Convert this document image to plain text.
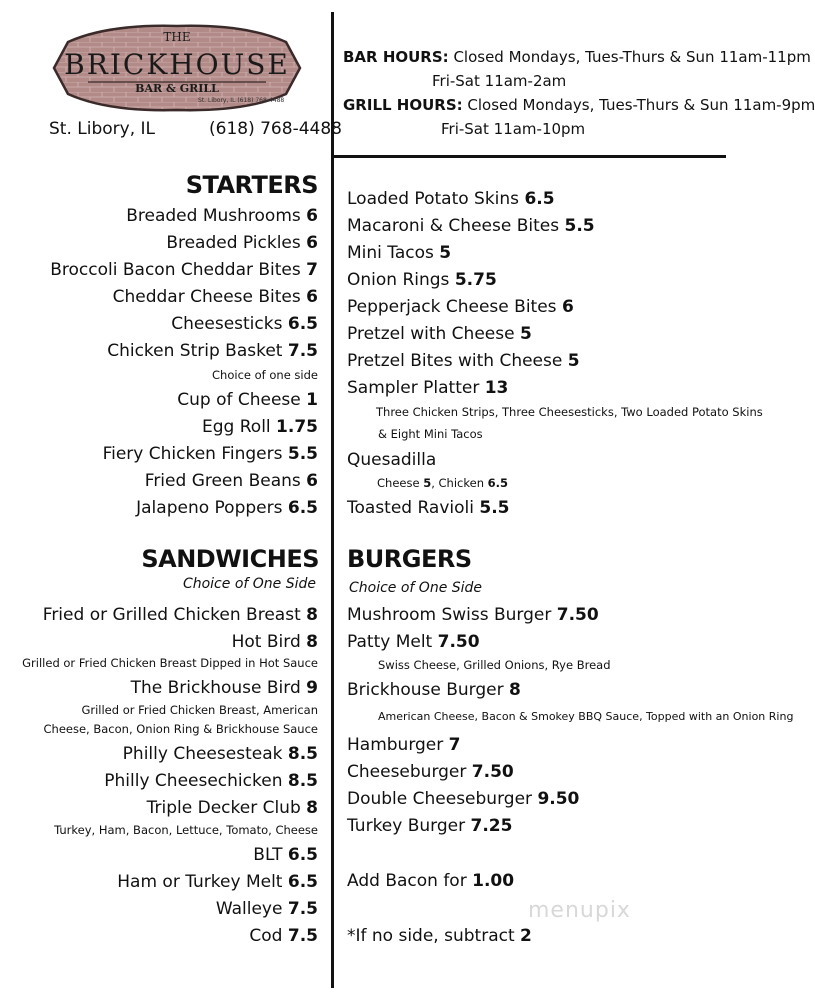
THE
BRICKHOUSE
BAR & GRILL
St. Libory, IL (618) 768-4488
St. Libory, IL	(618) 768-4488
BAR HOURS: Closed Mondays, Tues-Thurs & Sun 11am-11pm
Fri-Sat 11am-2am
GRILL HOURS: Closed Mondays, Tues-Thurs & Sun 11am-9pm
Fri-Sat 11am-10pm
STARTERS
Breaded Mushrooms 6
Breaded Pickles 6
Broccoli Bacon Cheddar Bites 7
Cheddar Cheese Bites 6
Cheesesticks 6.5
Chicken Strip Basket 7.5
Choice of one side
Cup of Cheese 1
Egg Roll 1.75
Fiery Chicken Fingers 5.5
Fried Green Beans 6
Jalapeno Poppers 6.5
Loaded Potato Skins 6.5
Macaroni & Cheese Bites 5.5
Mini Tacos 5
Onion Rings 5.75
Pepperjack Cheese Bites 6
Pretzel with Cheese 5
Pretzel Bites with Cheese 5
Sampler Platter 13
Three Chicken Strips, Three Cheesesticks, Two Loaded Potato Skins
& Eight Mini Tacos
Quesadilla
Cheese 5, Chicken 6.5
Toasted Ravioli 5.5
SANDWICHES
Choice of One Side
Fried or Grilled Chicken Breast 8
Hot Bird 8
Grilled or Fried Chicken Breast Dipped in Hot Sauce
The Brickhouse Bird 9
Grilled or Fried Chicken Breast, American
Cheese, Bacon, Onion Ring & Brickhouse Sauce
Philly Cheesesteak 8.5
Philly Cheesechicken 8.5
Triple Decker Club 8
Turkey, Ham, Bacon, Lettuce, Tomato, Cheese
BLT 6.5
Ham or Turkey Melt 6.5
Walleye 7.5
Cod 7.5
BURGERS
Choice of One Side
Mushroom Swiss Burger 7.50
Patty Melt 7.50
Swiss Cheese, Grilled Onions, Rye Bread
Brickhouse Burger 8
American Cheese, Bacon & Smokey BBQ Sauce, Topped with an Onion Ring
Hamburger 7
Cheeseburger 7.50
Double Cheeseburger 9.50
Turkey Burger 7.25
Add Bacon for 1.00
*If no side, subtract 2
menupix
